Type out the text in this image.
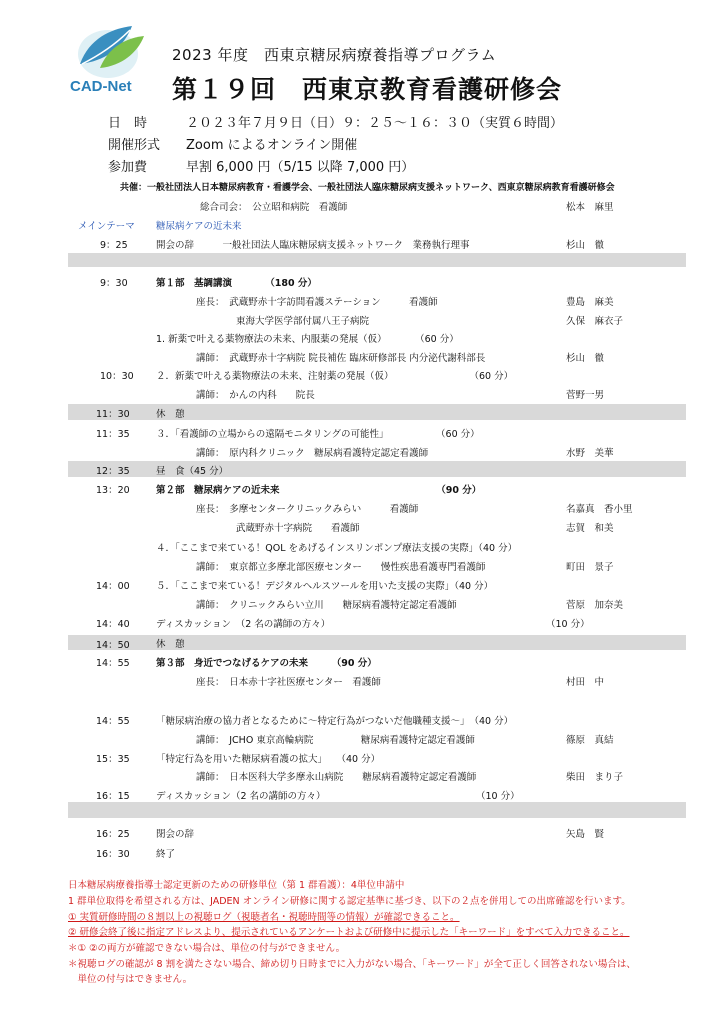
CAD-Net
2023 年度　西東京糖尿病療養指導プログラム
第１９回　西東京教育看護研修会
日　時	２０２３年７月９日（日）９：２５～１６：３０（実質６時間）
開催形式 Zoom によるオンライン開催
参加費	早割 6,000 円（5/15 以降 7,000 円）
共催：一般社団法人日本糖尿病教育・看護学会、一般社団法人臨床糖尿病支援ネットワーク、西東京糖尿病教育看護研修会
総合司会：　公立昭和病院　看護師	松本　麻里
メインテーマ 糖尿病ケアの近未来
9：25	開会の辞　　　一般社団法人臨床糖尿病支援ネットワーク　業務執行理事	杉山　徹
9：30	第１部　基調講演　　　　（180 分）
座長：　武蔵野赤十字訪問看護ステーション　　　看護師	豊島　麻美
東海大学医学部付属八王子病院	久保　麻衣子
1. 新薬で叶える薬物療法の未来、内服薬の発展（仮）　　　　（60 分）
講師：　武蔵野赤十字病院 院長補佐 臨床研修部長 内分泌代謝科部長	杉山　徹
10：30 ２．新薬で叶える薬物療法の未来、注射薬の発展（仮）　　　　　　　　　（60 分）
講師：　かんの内科　　院長	菅野一男
11：30	休　憩
11：35	３．「看護師の立場からの遠隔モニタリングの可能性」　　　　　　（60 分）
講師：　原内科クリニック　糖尿病看護特定認定看護師	水野　美華
12：35	昼　食（45 分）
13：20	第２部　糖尿病ケアの近未来　　　　　　　　　　　　　　　　　（90 分）
座長：　多摩センタークリニックみらい　　　看護師	名嘉真　香小里
武蔵野赤十字病院　　看護師	志賀　和美
４．「ここまで来ている！QOL をあげるインスリンポンプ療法支援の実際」（40 分）
講師：　東京都立多摩北部医療センター　　慢性疾患看護専門看護師	町田　景子
14：00	５．「ここまで来ている！デジタルヘルスツールを用いた支援の実際」（40 分）
講師：　クリニックみらい立川　　糖尿病看護特定認定看護師	菅原　加奈美
14：40	ディスカッション　（2 名の講師の方々）	（10 分）
14：50	休　憩
14：55	第３部　身近でつなげるケアの未来　　　（90 分）
座長：　日本赤十字社医療センター　看護師	村田　中
14：55	「糖尿病治療の協力者となるために～特定行為がつないだ他職種支援～」　（40 分）
講師：　JCHO 東京高輪病院　　　　　糖尿病看護特定認定看護師	篠原　真結
15：35	「特定行為を用いた糖尿病看護の拡大」　　（40 分）
講師：　日本医科大学多摩永山病院　　糖尿病看護特定認定看護師	柴田　まり子
16：15	ディスカッション（2 名の講師の方々）	（10 分）
16：25	閉会の辞	矢島　賢
16：30	終了
日本糖尿病療養指導士認定更新のための研修単位（第 1 群看護）：4単位申請中
1 群単位取得を希望される方は、JADEN オンライン研修に関する認定基準に基づき、以下の２点を併用しての出席確認を行います。
① 実質研修時間の８割以上の視聴ログ（視聴者名・視聴時間等の情報）が確認できること。
② 研修会終了後に指定アドレスより、提示されているアンケートおよび研修中に提示した「キーワード」をすべて入力できること。
＊① ②の両方が確認できない場合は、単位の付与ができません。
＊視聴ログの確認が 8 割を満たさない場合、締め切り日時までに入力がない場合、「キーワード」が全て正しく回答されない場合は、
　単位の付与はできません。
